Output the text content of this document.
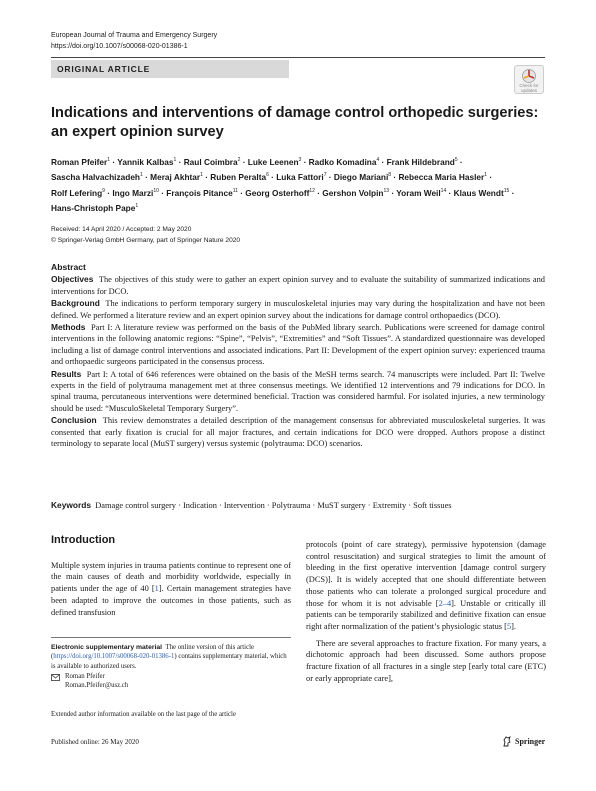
European Journal of Trauma and Emergency Surgery
https://doi.org/10.1007/s00068-020-01386-1
ORIGINAL ARTICLE
Check for
updates
Indications and interventions of damage control orthopedic surgeries:
an expert opinion survey
Roman Pfeifer$^1$ · Yannik Kalbas$^1$ · Raul Coimbra$^2$ · Luke Leenen$^3$ · Radko Komadina$^4$ · Frank Hildebrand$^5$ ·
Sascha Halvachizadeh$^1$ · Meraj Akhtar$^1$ · Ruben Peralta$^6$ · Luka Fattori$^7$ · Diego Mariani$^8$ · Rebecca Maria Hasler$^1$ ·
Rolf Lefering$^9$ · Ingo Marzi$^{10}$ · François Pitance$^{11}$ · Georg Osterhoff$^{12}$ · Gershon Volpin$^{13}$ · Yoram Weil$^{14}$ · Klaus Wendt$^{15}$ ·
Hans-Christoph Pape$^1$
Received: 14 April 2020 / Accepted: 2 May 2020
© Springer-Verlag GmbH Germany, part of Springer Nature 2020
Abstract

Objectives The objectives of this study were to gather an expert opinion survey and to evaluate the suitability of summarized indications and interventions for DCO.

Background The indications to perform temporary surgery in musculoskeletal injuries may vary during the hospitalization and have not been defined. We performed a literature review and an expert opinion survey about the indications for damage control orthopaedics (DCO).

Methods Part I: A literature review was performed on the basis of the PubMed library search. Publications were screened for damage control interventions in the following anatomic regions: “Spine”, “Pelvis”, “Extremities” and “Soft Tissues”. A standardized questionnaire was developed including a list of damage control interventions and associated indications. Part II: Development of the expert opinion survey: experienced trauma and orthopaedic surgeons participated in the consensus process.

Results Part I: A total of 646 references were obtained on the basis of the MeSH terms search. 74 manuscripts were included. Part II: Twelve experts in the field of polytrauma management met at three consensus meetings. We identified 12 interventions and 79 indications for DCO. In spinal trauma, percutaneous interventions were determined beneficial. Traction was considered harmful. For isolated injuries, a new terminology should be used: “MusculoSkeletal Temporary Surgery”.

Conclusion This review demonstrates a detailed description of the management consensus for abbreviated musculoskeletal surgeries. It was consented that early fixation is crucial for all major fractures, and certain indications for DCO were dropped. Authors propose a distinct terminology to separate local (MuST surgery) versus systemic (polytrauma: DCO) scenarios.

Keywords Damage control surgery · Indication · Intervention · Polytrauma · MuST surgery · Extremity · Soft tissues
Introduction

Multiple system injuries in trauma patients continue to represent one of the main causes of death and morbidity worldwide, especially in patients under the age of 40 [1]. Certain management strategies have been adapted to improve the outcomes in those patients, such as defined transfusion

protocols (point of care strategy), permissive hypotension (damage control resuscitation) and surgical strategies to limit the amount of bleeding in the first operative intervention [damage control surgery (DCS)]. It is widely accepted that one should differentiate between those patients who can tolerate a prolonged surgical procedure and those for whom it is not advisable [2–4]. Unstable or critically ill patients can be temporarily stabilized and definitive fixation can ensue right after normalization of the patient’s physiologic status [5].

There are several approaches to fracture fixation. For many years, a dichotomic approach had been discussed. Some authors propose fracture fixation of all fractures in a single step [early total care (ETC) or early appropriate care],

Electronic supplementary material The online version of this article (https://doi.org/10.1007/s00068-020-01386-1) contains supplementary material, which is available to authorized users.
Roman Pfeifer
Roman.Pfeifer@usz.ch
Extended author information available on the last page of the article
Published online: 26 May 2020	Springer
